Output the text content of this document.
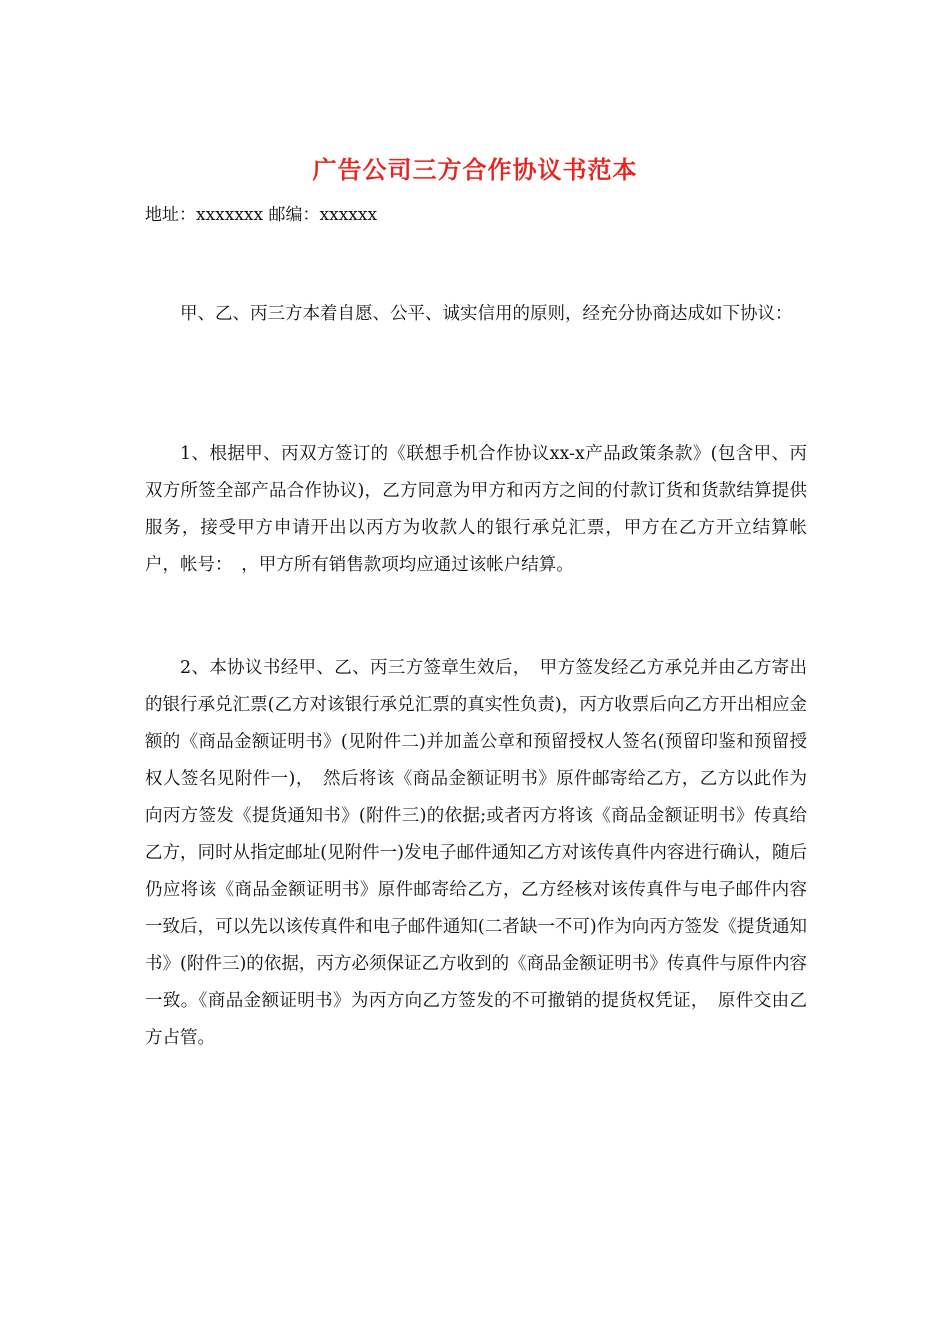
广告公司三方合作协议书范本

地址：xxxxxxx 邮编：xxxxxx

甲、乙、丙三方本着自愿、公平、诚实信用的原则，经充分协商达成如下协议：

1、根据甲、丙双方签订的《联想手机合作协议xx-x产品政策条款》(包含甲、丙双方所签全部产品合作协议)，乙方同意为甲方和丙方之间的付款订货和货款结算提供服务，接受甲方申请开出以丙方为收款人的银行承兑汇票，甲方在乙方开立结算帐户，帐号：　，甲方所有销售款项均应通过该帐户结算。

2、本协议书经甲、乙、丙三方签章生效后，　甲方签发经乙方承兑并由乙方寄出的银行承兑汇票(乙方对该银行承兑汇票的真实性负责)，丙方收票后向乙方开出相应金额的《商品金额证明书》(见附件二)并加盖公章和预留授权人签名(预留印鉴和预留授权人签名见附件一)，　然后将该《商品金额证明书》原件邮寄给乙方，乙方以此作为向丙方签发《提货通知书》(附件三)的依据;或者丙方将该《商品金额证明书》传真给乙方，同时从指定邮址(见附件一)发电子邮件通知乙方对该传真件内容进行确认，随后仍应将该《商品金额证明书》原件邮寄给乙方，乙方经核对该传真件与电子邮件内容一致后，可以先以该传真件和电子邮件通知(二者缺一不可)作为向丙方签发《提货通知书》(附件三)的依据，丙方必须保证乙方收到的《商品金额证明书》传真件与原件内容一致。《商品金额证明书》为丙方向乙方签发的不可撤销的提货权凭证，　原件交由乙方占管。
